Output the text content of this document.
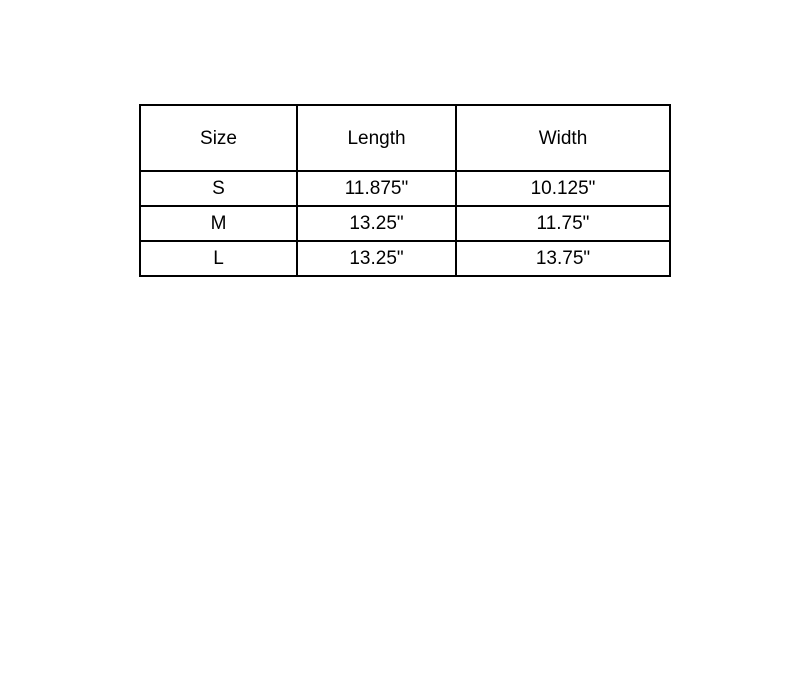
Size	Length	Width
S	11.875"	10.125"
M	13.25"	11.75"
L	13.25"	13.75"
